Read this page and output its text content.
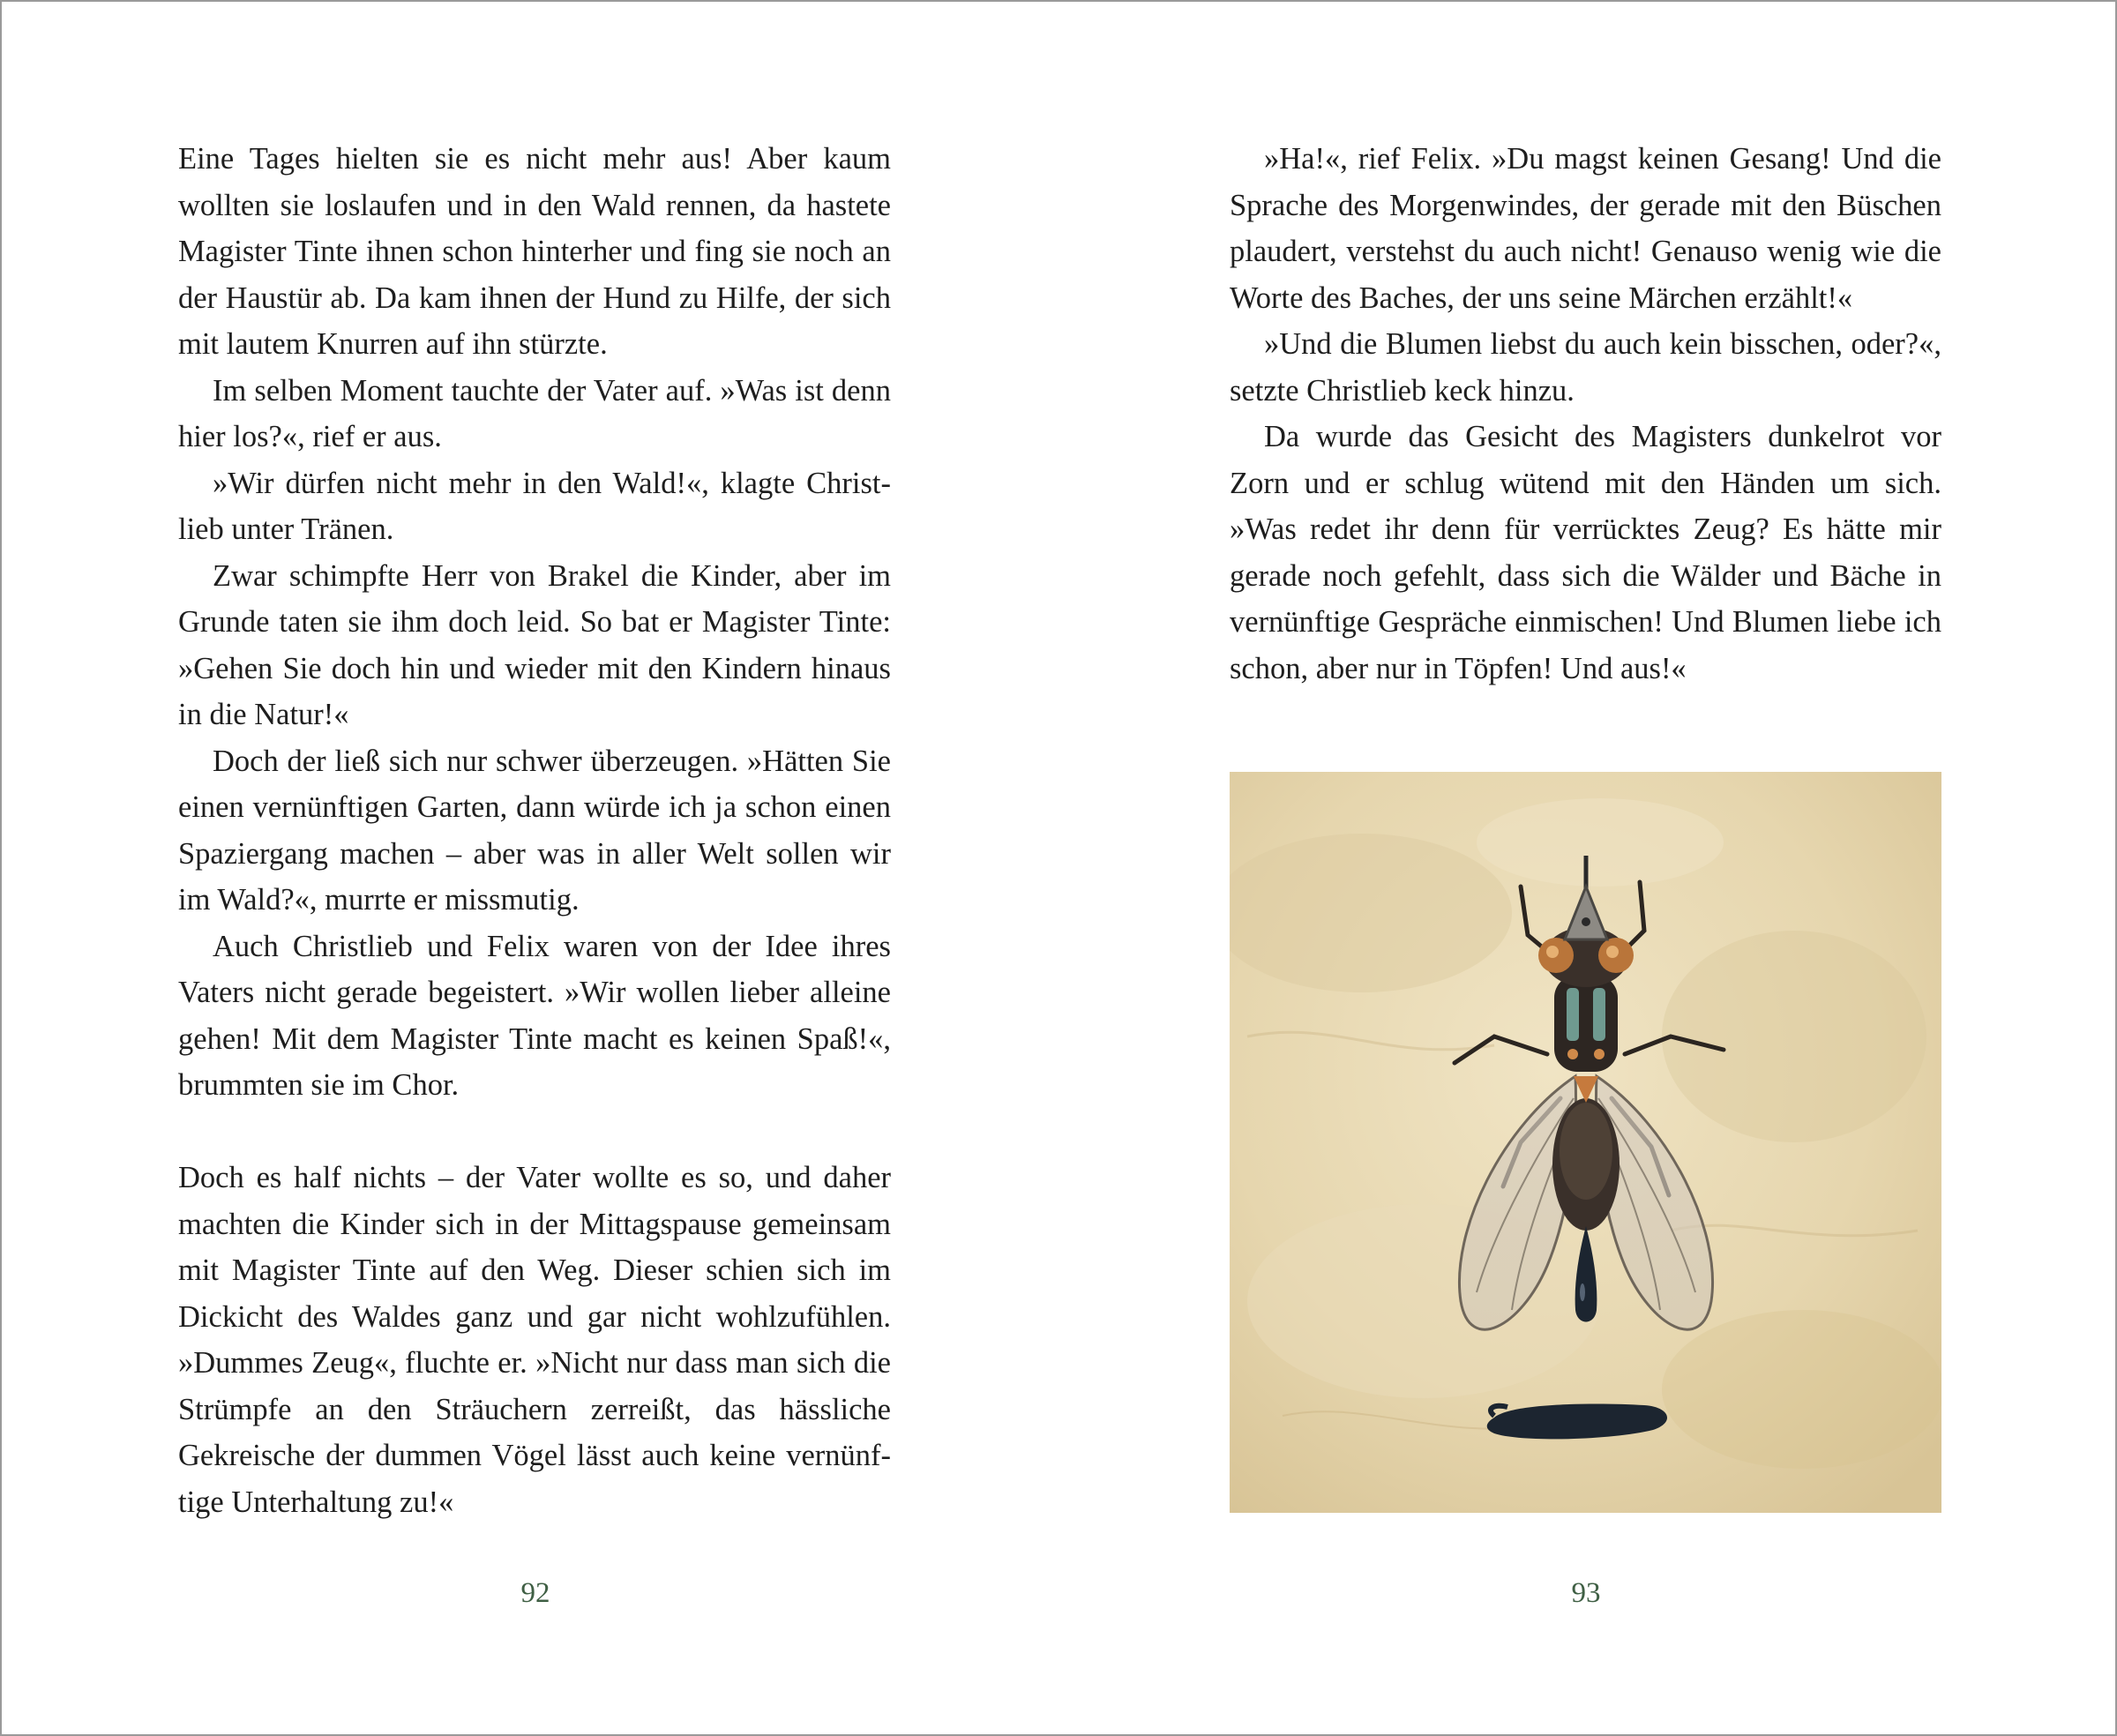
Eine Tages hielten sie es nicht mehr aus! Aber kaum wollten sie loslaufen und in den Wald rennen, da hastete Magister Tinte ihnen schon hinterher und fing sie noch an der Haustür ab. Da kam ihnen der Hund zu Hilfe, der sich mit lautem Knurren auf ihn stürzte.

Im selben Moment tauchte der Vater auf. »Was ist denn hier los?«, rief er aus.

»Wir dürfen nicht mehr in den Wald!«, klagte Christlieb unter Tränen.

Zwar schimpfte Herr von Brakel die Kinder, aber im Grunde taten sie ihm doch leid. So bat er Magister Tinte: »Gehen Sie doch hin und wieder mit den Kindern hinaus in die Natur!«

Doch der ließ sich nur schwer überzeugen. »Hätten Sie einen vernünftigen Garten, dann würde ich ja schon einen Spaziergang machen – aber was in aller Welt sollen wir im Wald?«, murrte er missmutig.

Auch Christlieb und Felix waren von der Idee ihres Vaters nicht gerade begeistert. »Wir wollen lieber alleine gehen! Mit dem Magister Tinte macht es keinen Spaß!«, brummten sie im Chor.

Doch es half nichts – der Vater wollte es so, und daher machten die Kinder sich in der Mittagspause gemeinsam mit Magister Tinte auf den Weg. Dieser schien sich im Dickicht des Waldes ganz und gar nicht wohlzufühlen. »Dummes Zeug«, fluchte er. »Nicht nur dass man sich die Strümpfe an den Sträuchern zerreißt, das hässliche Gekreische der dummen Vögel lässt auch keine vernünftige Unterhaltung zu!«

92

»Ha!«, rief Felix. »Du magst keinen Gesang! Und die Sprache des Morgenwindes, der gerade mit den Büschen plaudert, verstehst du auch nicht! Genauso wenig wie die Worte des Baches, der uns seine Märchen erzählt!«

»Und die Blumen liebst du auch kein bisschen, oder?«, setzte Christlieb keck hinzu.

Da wurde das Gesicht des Magisters dunkelrot vor Zorn und er schlug wütend mit den Händen um sich. »Was redet ihr denn für verrücktes Zeug? Es hätte mir gerade noch gefehlt, dass sich die Wälder und Bäche in vernünftige Gespräche einmischen! Und Blumen liebe ich schon, aber nur in Töpfen! Und aus!«

93
